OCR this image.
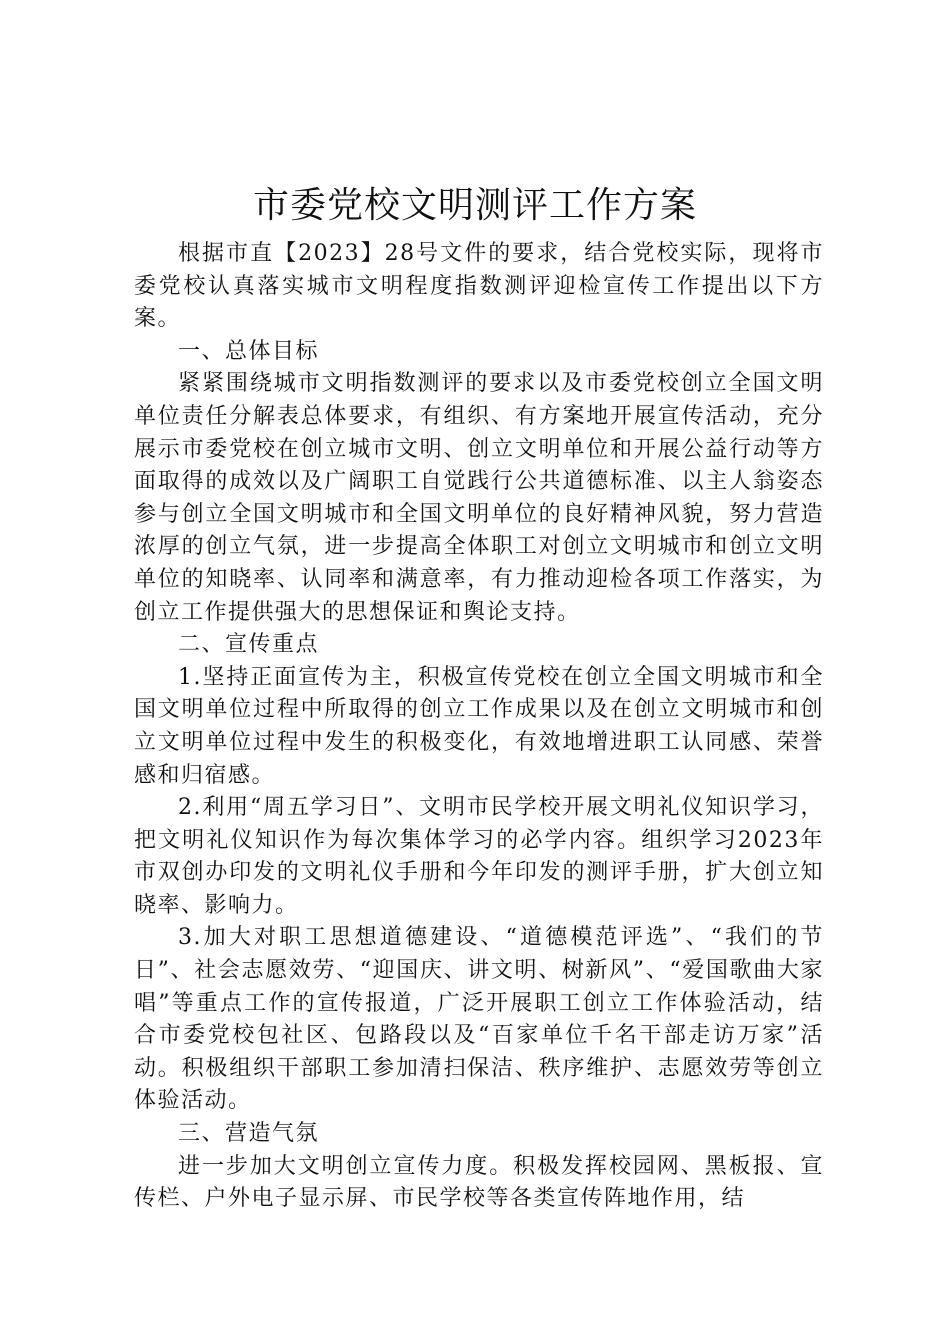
市委党校文明测评工作方案

根据市直【2023】28号文件的要求，结合党校实际，现将市委党校认真落实城市文明程度指数测评迎检宣传工作提出以下方案。

一、总体目标

紧紧围绕城市文明指数测评的要求以及市委党校创立全国文明单位责任分解表总体要求，有组织、有方案地开展宣传活动，充分展示市委党校在创立城市文明、创立文明单位和开展公益行动等方面取得的成效以及广阔职工自觉践行公共道德标准、以主人翁姿态参与创立全国文明城市和全国文明单位的良好精神风貌，努力营造浓厚的创立气氛，进一步提高全体职工对创立文明城市和创立文明单位的知晓率、认同率和满意率，有力推动迎检各项工作落实，为创立工作提供强大的思想保证和舆论支持。

二、宣传重点

1.坚持正面宣传为主，积极宣传党校在创立全国文明城市和全国文明单位过程中所取得的创立工作成果以及在创立文明城市和创立文明单位过程中发生的积极变化，有效地增进职工认同感、荣誉感和归宿感。

2.利用“周五学习日”、文明市民学校开展文明礼仪知识学习，把文明礼仪知识作为每次集体学习的必学内容。组织学习2023年市双创办印发的文明礼仪手册和今年印发的测评手册，扩大创立知晓率、影响力。

3.加大对职工思想道德建设、“道德模范评选”、“我们的节日”、社会志愿效劳、“迎国庆、讲文明、树新风”、“爱国歌曲大家唱”等重点工作的宣传报道，广泛开展职工创立工作体验活动，结合市委党校包社区、包路段以及“百家单位千名干部走访万家”活动。积极组织干部职工参加清扫保洁、秩序维护、志愿效劳等创立体验活动。

三、营造气氛

进一步加大文明创立宣传力度。积极发挥校园网、黑板报、宣传栏、户外电子显示屏、市民学校等各类宣传阵地作用，结
